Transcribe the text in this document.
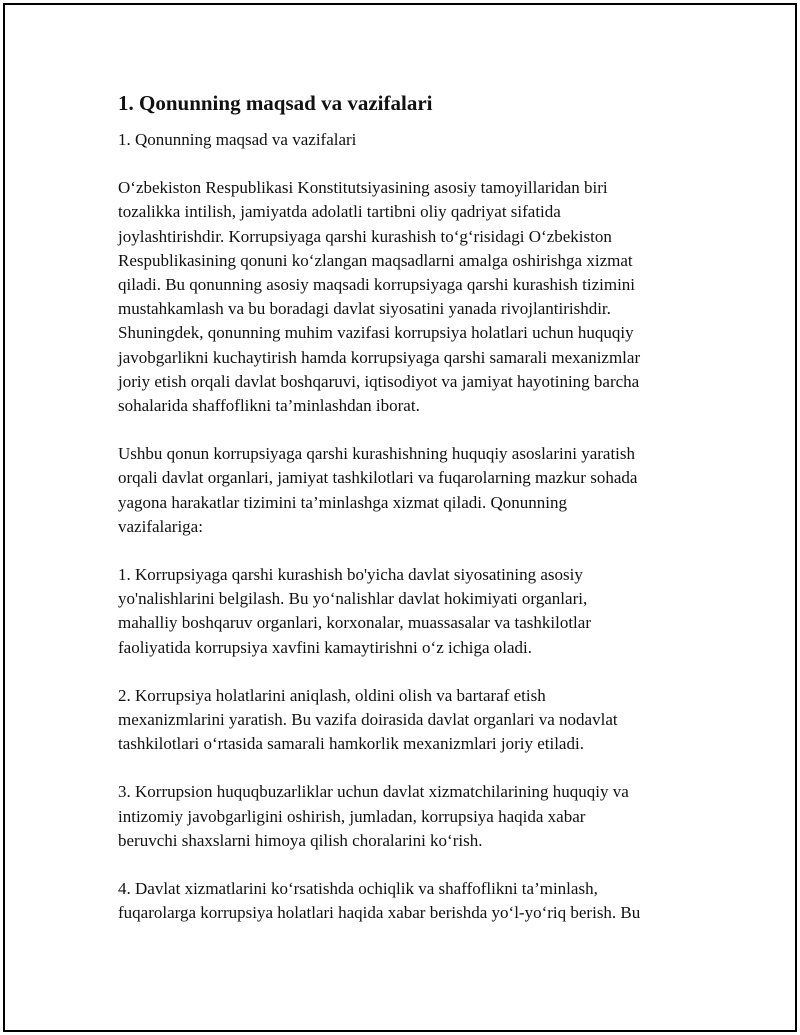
1. Qonunning maqsad va vazifalari
1. Qonunning maqsad va vazifalari
O‘zbekiston Respublikasi Konstitutsiyasining asosiy tamoyillaridan biri
tozalikka intilish, jamiyatda adolatli tartibni oliy qadriyat sifatida
joylashtirishdir. Korrupsiyaga qarshi kurashish to‘g‘risidagi O‘zbekiston
Respublikasining qonuni ko‘zlangan maqsadlarni amalga oshirishga xizmat
qiladi. Bu qonunning asosiy maqsadi korrupsiyaga qarshi kurashish tizimini
mustahkamlash va bu boradagi davlat siyosatini yanada rivojlantirishdir.
Shuningdek, qonunning muhim vazifasi korrupsiya holatlari uchun huquqiy
javobgarlikni kuchaytirish hamda korrupsiyaga qarshi samarali mexanizmlar
joriy etish orqali davlat boshqaruvi, iqtisodiyot va jamiyat hayotining barcha
sohalarida shaffoflikni ta’minlashdan iborat.
Ushbu qonun korrupsiyaga qarshi kurashishning huquqiy asoslarini yaratish
orqali davlat organlari, jamiyat tashkilotlari va fuqarolarning mazkur sohada
yagona harakatlar tizimini ta’minlashga xizmat qiladi. Qonunning
vazifalariga:
1. Korrupsiyaga qarshi kurashish bo'yicha davlat siyosatining asosiy
yo'nalishlarini belgilash. Bu yo‘nalishlar davlat hokimiyati organlari,
mahalliy boshqaruv organlari, korxonalar, muassasalar va tashkilotlar
faoliyatida korrupsiya xavfini kamaytirishni o‘z ichiga oladi.
2. Korrupsiya holatlarini aniqlash, oldini olish va bartaraf etish
mexanizmlarini yaratish. Bu vazifa doirasida davlat organlari va nodavlat
tashkilotlari o‘rtasida samarali hamkorlik mexanizmlari joriy etiladi.
3. Korrupsion huquqbuzarliklar uchun davlat xizmatchilarining huquqiy va
intizomiy javobgarligini oshirish, jumladan, korrupsiya haqida xabar
beruvchi shaxslarni himoya qilish choralarini ko‘rish.
4. Davlat xizmatlarini ko‘rsatishda ochiqlik va shaffoflikni ta’minlash,
fuqarolarga korrupsiya holatlari haqida xabar berishda yo‘l-yo‘riq berish. Bu
